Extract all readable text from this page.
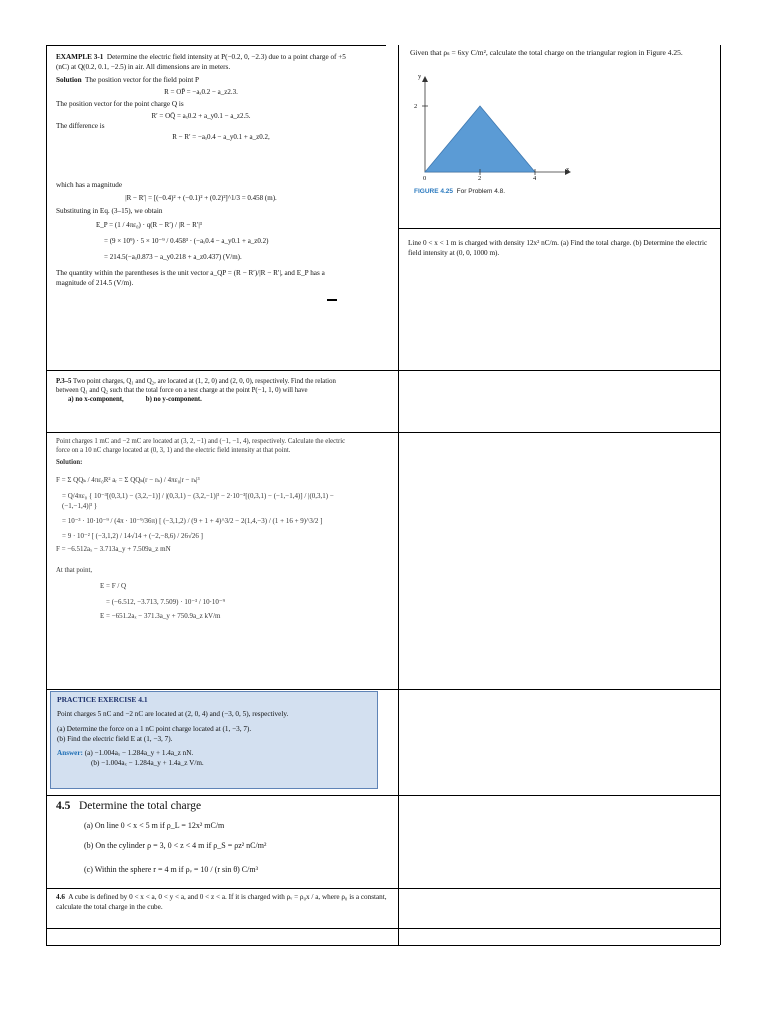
EXAMPLE 3-1 Determine the electric field intensity at P(−0.2, 0, −2.3) due to a point charge of +5 (nC) at Q(0.2, 0.1, −2.5) in air. All dimensions are in meters.
Solution The position vector for the field point P
R = OP̄ = −aₓ0.2 − a_z2.3.
The position vector for the point charge Q is
R′ = OQ̄ = aₓ0.2 + a_y0.1 − a_z2.5.
The difference is
R − R′ = −aₓ0.4 − a_y0.1 + a_z0.2,
which has a magnitude
|R − R′| = [(−0.4)² + (−0.1)² + (0.2)²]^1/3 = 0.458 (m).
Substituting in Eq. (3–15), we obtain
E_P = (1 / 4πε₀) · q(R − R′) / |R − R′|³
= (9 × 10⁹) · 5 × 10⁻⁹ / 0.458³ · (−aₓ0.4 − a_y0.1 + a_z0.2)
= 214.5(−aₓ0.873 − a_y0.218 + a_z0.437) (V/m).
The quantity within the parentheses is the unit vector a_QP = (R − R′)/|R − R′|, and E_P has a magnitude of 214.5 (V/m).
Given that ρₛ = 6xy C/m², calculate the total charge on the triangular region in Figure 4.25.
y
x
2
0	2	4
FIGURE 4.25 For Problem 4.8.
Line 0 < x < 1 m is charged with density 12x² nC/m. (a) Find the total charge. (b) Determine the electric field intensity at (0, 0, 1000 m).
P.3–5 Two point charges, Q₁ and Q₂, are located at (1, 2, 0) and (2, 0, 0), respectively. Find the relation between Q₁ and Q₂ such that the total force on a test charge at the point P(−1, 1, 0) will have
a) no x-component,	b) no y-component.
Point charges 1 mC and −2 mC are located at (3, 2, −1) and (−1, −1, 4), respectively. Calculate the electric force on a 10 nC charge located at (0, 3, 1) and the electric field intensity at that point.
Solution:
F = Σ QQₖ / 4πε₀R² aᵣ = Σ QQₖ(r − rₖ) / 4πε₀|r − rₖ|³
= Q/4πε₀ { 10⁻³[(0,3,1) − (3,2,−1)] / |(0,3,1) − (3,2,−1)|³ − 2·10⁻³[(0,3,1) − (−1,−1,4)] / |(0,3,1) − (−1,−1,4)|³ }
= 10⁻³ · 10·10⁻⁹ / (4π · 10⁻⁹/36π) [ (−3,1,2) / (9 + 1 + 4)^3/2 − 2(1,4,−3) / (1 + 16 + 9)^3/2 ]
= 9 · 10⁻² [ (−3,1,2) / 14√14 + (−2,−8,6) / 26√26 ]
F = −6.512aₓ − 3.713a_y + 7.509a_z mN
At that point,
E = F / Q
= (−6.512, −3.713, 7.509) · 10⁻³ / 10·10⁻⁹
E = −651.2aₓ − 371.3a_y + 750.9a_z kV/m
PRACTICE EXERCISE 4.1
Point charges 5 nC and −2 nC are located at (2, 0, 4) and (−3, 0, 5), respectively.
(a) Determine the force on a 1 nC point charge located at (1, −3, 7).
(b) Find the electric field E at (1, −3, 7).
Answer: (a) −1.004aₓ − 1.284a_y + 1.4a_z nN.
(b) −1.004aₓ − 1.284a_y + 1.4a_z V/m.
4.5 Determine the total charge
(a) On line 0 < x < 5 m if ρ_L = 12x² mC/m
(b) On the cylinder ρ = 3, 0 < z < 4 m if ρ_S = ρz² nC/m²
(c) Within the sphere r = 4 m if ρᵥ = 10 / (r sin θ) C/m³
4.6 A cube is defined by 0 < x < a, 0 < y < a, and 0 < z < a. If it is charged with ρᵥ = ρ₀x / a, where ρ₀ is a constant, calculate the total charge in the cube.
